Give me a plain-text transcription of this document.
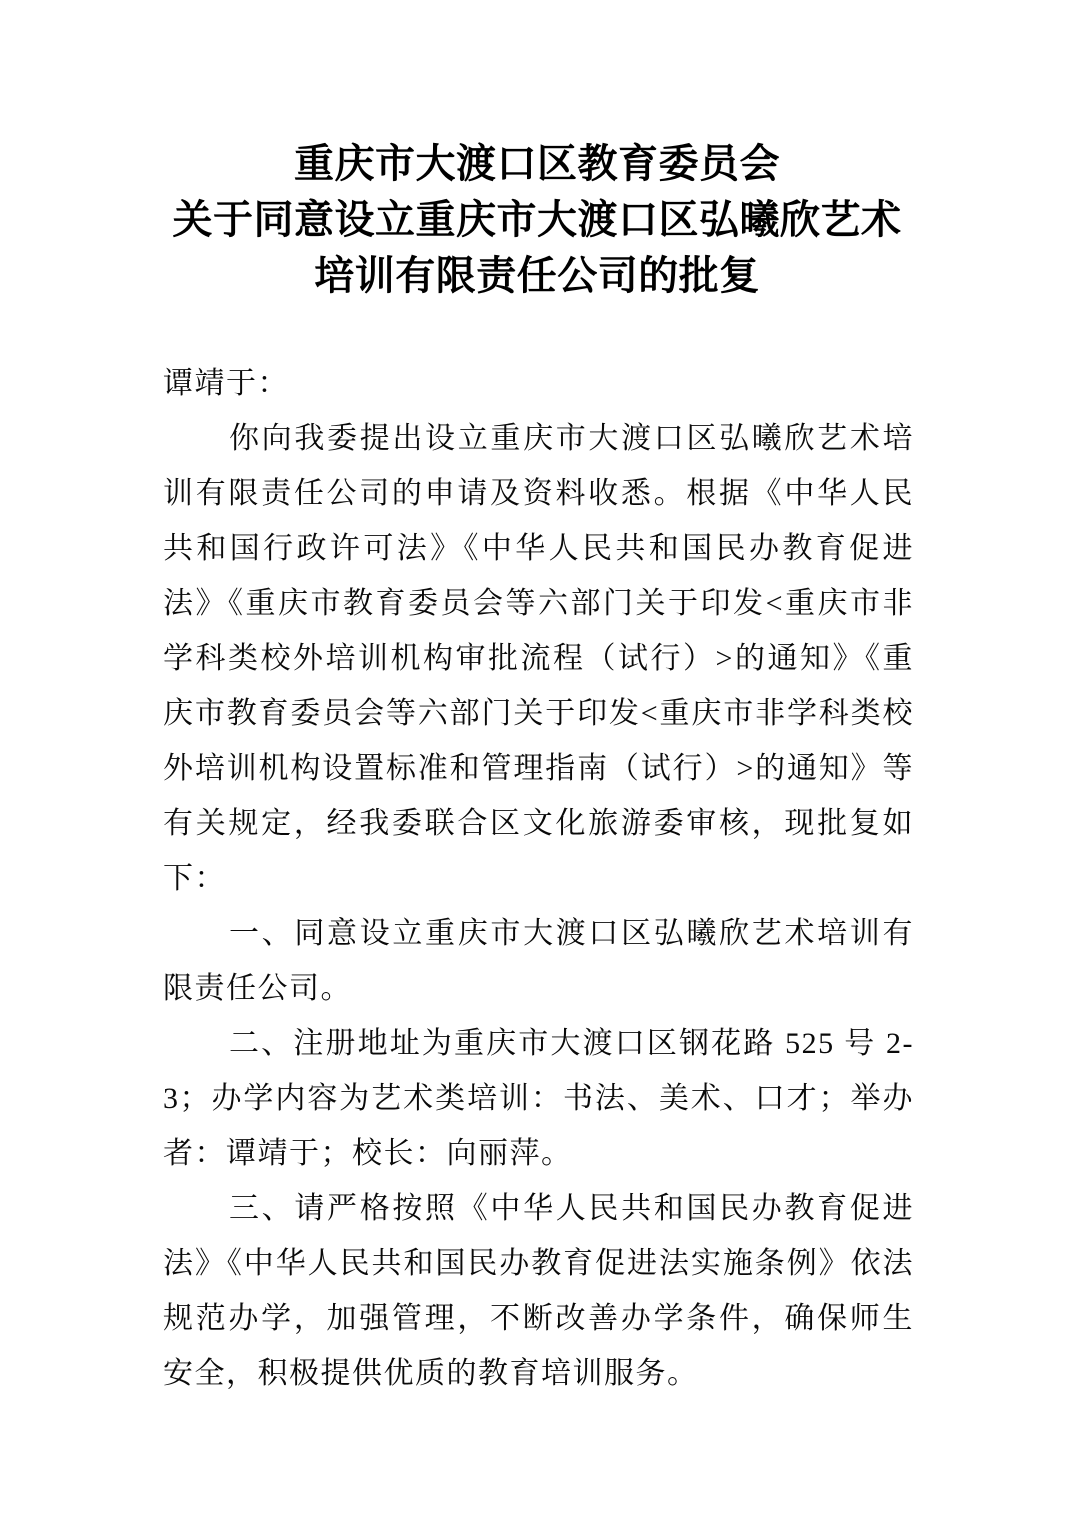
重庆市大渡口区教育委员会
关于同意设立重庆市大渡口区弘曦欣艺术
培训有限责任公司的批复

谭靖于：

你向我委提出设立重庆市大渡口区弘曦欣艺术培训有限责任公司的申请及资料收悉。根据《中华人民共和国行政许可法》《中华人民共和国民办教育促进法》《重庆市教育委员会等六部门关于印发<重庆市非学科类校外培训机构审批流程（试行）>的通知》《重庆市教育委员会等六部门关于印发<重庆市非学科类校外培训机构设置标准和管理指南（试行）>的通知》等有关规定，经我委联合区文化旅游委审核，现批复如下：

一、同意设立重庆市大渡口区弘曦欣艺术培训有限责任公司。

二、注册地址为重庆市大渡口区钢花路 525 号 2-3；办学内容为艺术类培训：书法、美术、口才；举办者：谭靖于；校长：向丽萍。

三、请严格按照《中华人民共和国民办教育促进法》《中华人民共和国民办教育促进法实施条例》依法规范办学，加强管理，不断改善办学条件，确保师生安全，积极提供优质的教育培训服务。
